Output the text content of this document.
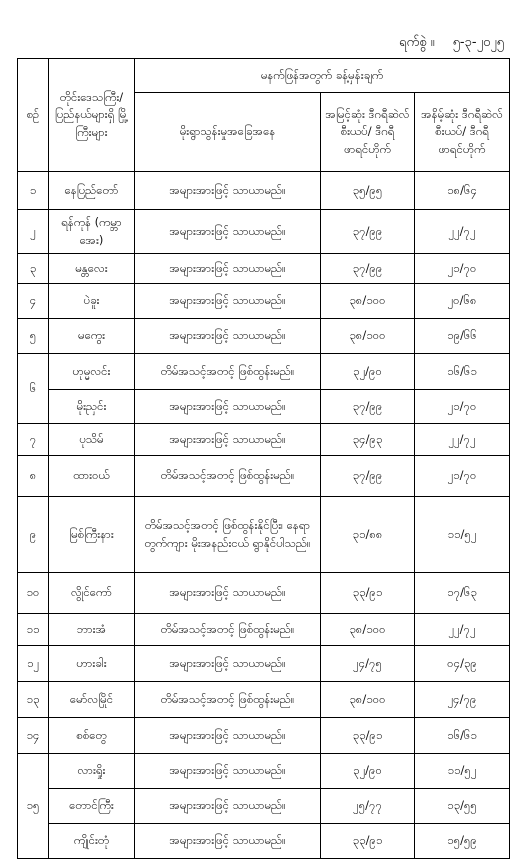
ရက်စွဲ ။ ၅-၃-၂၀၂၅
စဉ်	တိုင်းဒေသကြီး/ ပြည်နယ်များရှိ မြို့ကြီးများ	မနက်ဖြန်အတွက် ခန့်မှန်းချက်		
		မိုးရွာသွန်းမှုအခြေအနေ	အမြင့်ဆုံး ဒီဂရီဆဲလ်စီးယပ်/ ဒီဂရီဖာရင်ဟိုက်	အနိမ့်ဆုံး ဒီဂရီဆဲလ်စီးယပ်/ ဒီဂရီဖာရင်ဟိုက်
၁	နေပြည်တော်	အများအားဖြင့် သာယာမည်။	၃၅/၉၅	၁၈/၆၄
၂	ရန်ကုန် (ကမ္ဘာအေး)	အများအားဖြင့် သာယာမည်။	၃၇/၉၉	၂၂/၇၂
၃	မန္တလေး	အများအားဖြင့် သာယာမည်။	၃၇/၉၉	၂၁/၇၀
၄	ပဲခူး	အများအားဖြင့် သာယာမည်။	၃၈/၁၀၀	၂၀/၆၈
၅	မကွေး	အများအားဖြင့် သာယာမည်။	၃၈/၁၀၀	၁၉/၆၆
၆	ဟုမ္မလင်း	တိမ်အသင့်အတင့် ဖြစ်ထွန်းမည်။	၃၂/၉၀	၁၆/၆၁
	မိုးညှင်း	အများအားဖြင့် သာယာမည်။	၃၇/၉၉	၂၁/၇၀
၇	ပုသိမ်	အများအားဖြင့် သာယာမည်။	၃၄/၉၃	၂၂/၇၂
၈	ထားဝယ်	တိမ်အသင့်အတင့် ဖြစ်ထွန်းမည်။	၃၇/၉၉	၂၁/၇၀
၉	မြစ်ကြီးနား	တိမ်အသင့်အတင့် ဖြစ်ထွန်းနိုင်ပြီး၊ နေရာတွက်ကျား မိုးအနည်းငယ် ရွာနိုင်ပါသည်။	၃၁/၈၈	၁၁/၅၂
၁၀	လွိုင်ကော်	အများအားဖြင့် သာယာမည်။	၃၃/၉၁	၁၇/၆၃
၁၁	ဘားအံ	တိမ်အသင့်အတင့် ဖြစ်ထွန်းမည်။	၃၈/၁၀၀	၂၂/၇၂
၁၂	ဟားခါး	အများအားဖြင့် သာယာမည်။	၂၄/၇၅	၀၄/၃၉
၁၃	မော်လမြိုင်	တိမ်အသင့်အတင့် ဖြစ်ထွန်းမည်။	၃၈/၁၀၀	၂၄/၇၉
၁၄	စစ်တွေ	အများအားဖြင့် သာယာမည်။	၃၃/၉၁	၁၆/၆၁
၁၅	လားရှိုး	အများအားဖြင့် သာယာမည်။	၃၂/၉၀	၁၁/၅၂
	တောင်ကြီး	အများအားဖြင့် သာယာမည်။	၂၅/၇၇	၁၃/၅၅
	ကျိုင်းတုံ	အများအားဖြင့် သာယာမည်။	၃၃/၉၁	၁၅/၅၉
